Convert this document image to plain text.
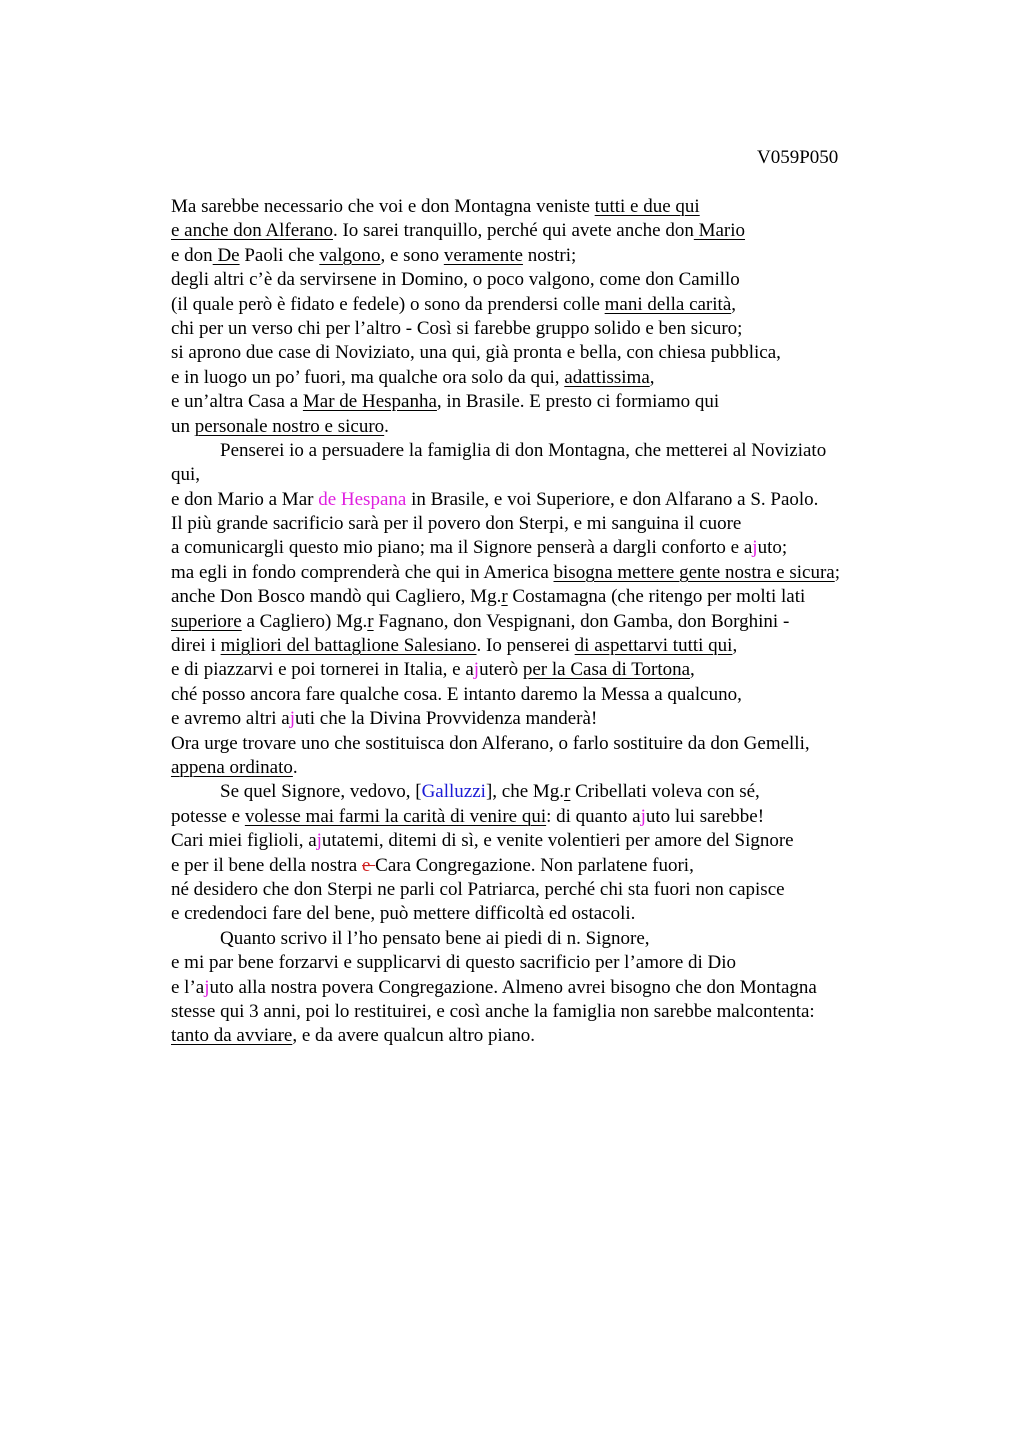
V059P050
Ma sarebbe necessario che voi e don Montagna veniste tutti e due qui
e anche don Alferano. Io sarei tranquillo, perché qui avete anche don Mario
e don De Paoli che valgono, e sono veramente nostri;
degli altri c’è da servirsene in Domino, o poco valgono, come don Camillo
(il quale però è fidato e fedele) o sono da prendersi colle mani della carità,
chi per un verso chi per l’altro - Così si farebbe gruppo solido e ben sicuro;
si aprono due case di Noviziato, una qui, già pronta e bella, con chiesa pubblica,
e in luogo un po’ fuori, ma qualche ora solo da qui, adattissima,
e un’altra Casa a Mar de Hespanha, in Brasile. E presto ci formiamo qui
un personale nostro e sicuro.
Penserei io a persuadere la famiglia di don Montagna, che metterei al Noviziato
qui,
e don Mario a Mar de Hespana in Brasile, e voi Superiore, e don Alfarano a S. Paolo.
Il più grande sacrificio sarà per il povero don Sterpi, e mi sanguina il cuore
a comunicargli questo mio piano; ma il Signore penserà a dargli conforto e ajuto;
ma egli in fondo comprenderà che qui in America bisogna mettere gente nostra e sicura;
anche Don Bosco mandò qui Cagliero, Mg.r Costamagna (che ritengo per molti lati
superiore a Cagliero) Mg.r Fagnano, don Vespignani, don Gamba, don Borghini -
direi i migliori del battaglione Salesiano. Io penserei di aspettarvi tutti qui,
e di piazzarvi e poi tornerei in Italia, e ajuterò per la Casa di Tortona,
ché posso ancora fare qualche cosa. E intanto daremo la Messa a qualcuno,
e avremo altri ajuti che la Divina Provvidenza manderà!
Ora urge trovare uno che sostituisca don Alferano, o farlo sostituire da don Gemelli,
appena ordinato.
Se quel Signore, vedovo, [Galluzzi], che Mg.r Cribellati voleva con sé,
potesse e volesse mai farmi la carità di venire qui: di quanto ajuto lui sarebbe!
Cari miei figlioli, ajutatemi, ditemi di sì, e venite volentieri per amore del Signore
e per il bene della nostra e Cara Congregazione. Non parlatene fuori,
né desidero che don Sterpi ne parli col Patriarca, perché chi sta fuori non capisce
e credendoci fare del bene, può mettere difficoltà ed ostacoli.
Quanto scrivo il l’ho pensato bene ai piedi di n. Signore,
e mi par bene forzarvi e supplicarvi di questo sacrificio per l’amore di Dio
e l’ajuto alla nostra povera Congregazione. Almeno avrei bisogno che don Montagna
stesse qui 3 anni, poi lo restituirei, e così anche la famiglia non sarebbe malcontenta:
tanto da avviare, e da avere qualcun altro piano.
